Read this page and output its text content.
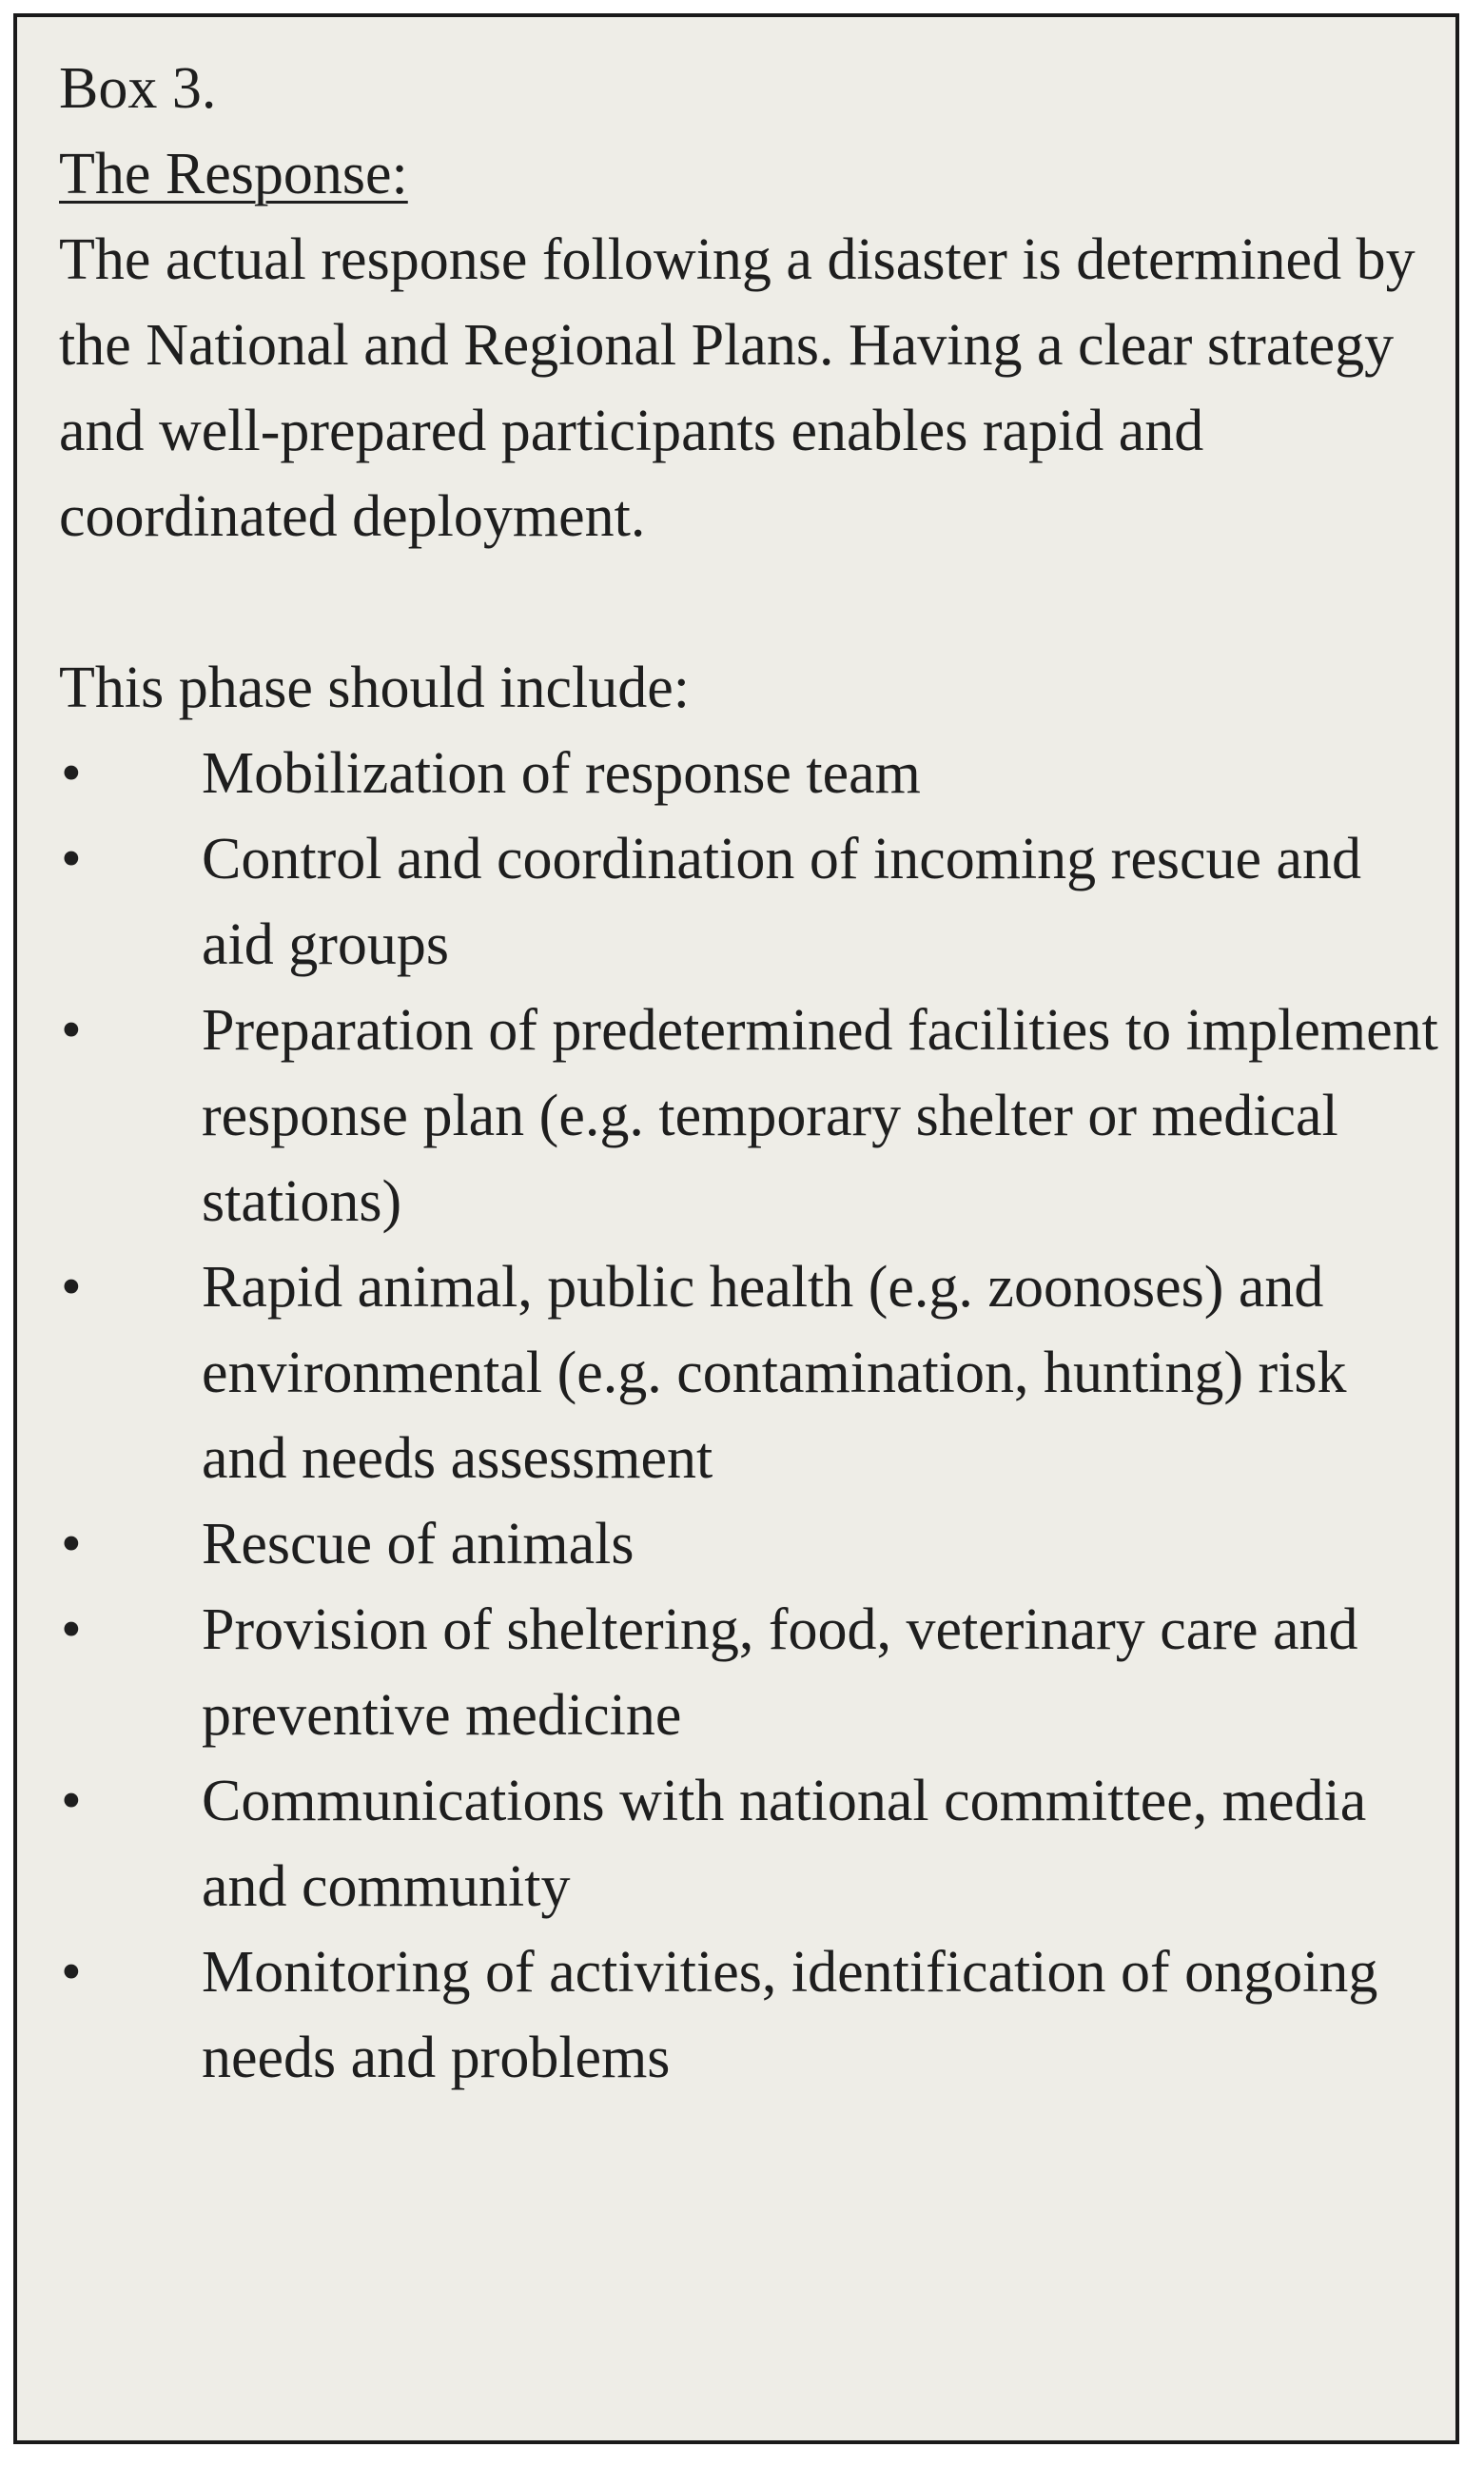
Box 3.

The Response:

The actual response following a disaster is determined by the National and Regional Plans. Having a clear strategy and well-prepared participants enables rapid and coordinated deployment.

This phase should include:

•	Mobilization of response team
•	Control and coordination of incoming rescue and aid groups
•	Preparation of predetermined facilities to implement response plan (e.g. temporary shelter or medical stations)
•	Rapid animal, public health (e.g. zoonoses) and environmental (e.g. contamination, hunting) risk and needs assessment
•	Rescue of animals
•	Provision of sheltering, food, veterinary care and preventive medicine
•	Communications with national committee, media and community
•	Monitoring of activities, identification of ongoing needs and problems
